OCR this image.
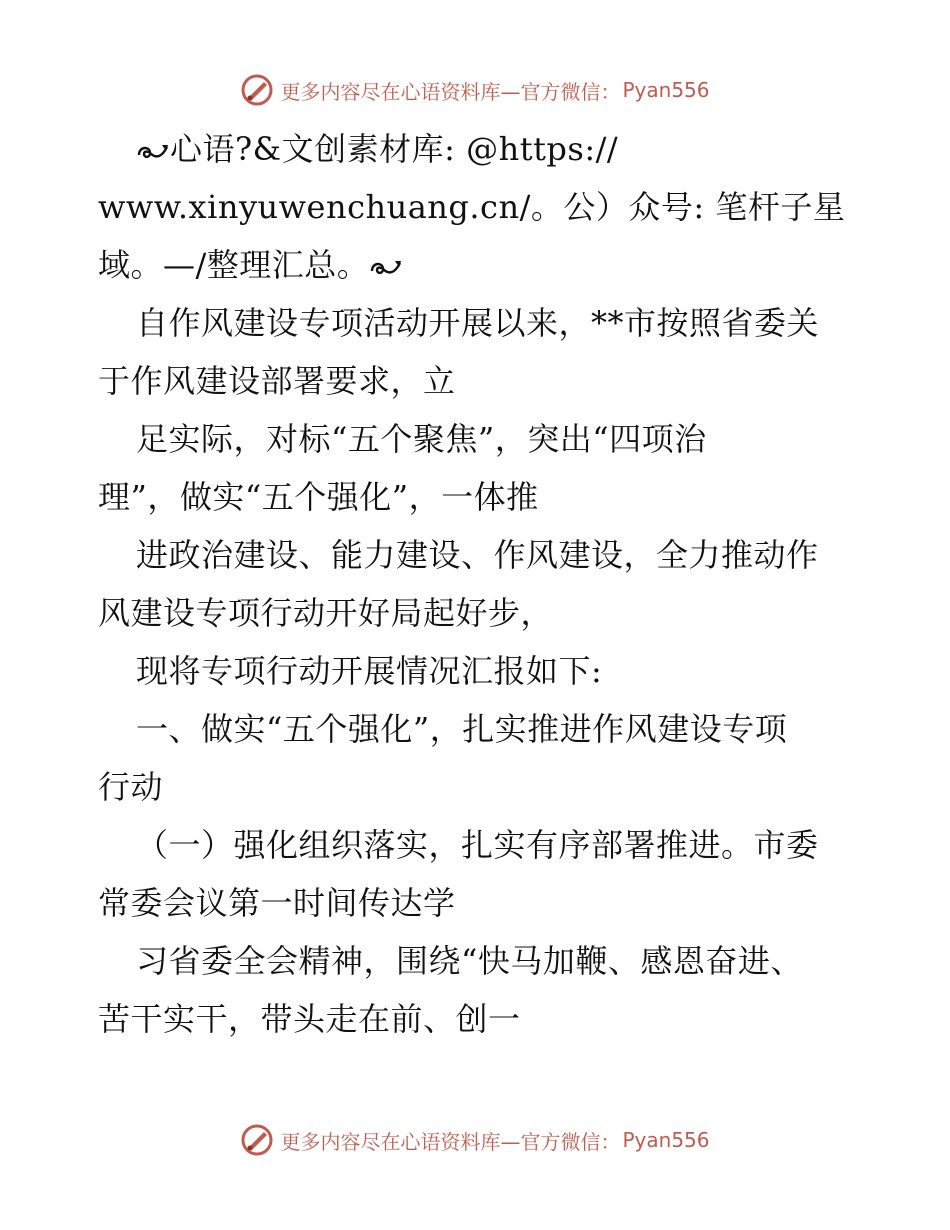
更多内容尽在心语资料库—官方微信： Pyan556
心语?&文创素材库: @https://
www.xinyuwenchuang.cn/。公）众号: 笔杆子星
域。—/整理汇总。
自作风建设专项活动开展以来，**市按照省委关
于作风建设部署要求，立
足实际，对标“五个聚焦”，突出“四项治
理”，做实“五个强化”，一体推
进政治建设、能力建设、作风建设，全力推动作
风建设专项行动开好局起好步，
现将专项行动开展情况汇报如下:
一、做实“五个强化”，扎实推进作风建设专项
行动
（一）强化组织落实，扎实有序部署推进。市委
常委会议第一时间传达学
习省委全会精神，围绕“快马加鞭、感恩奋进、
苦干实干，带头走在前、创一
更多内容尽在心语资料库—官方微信： Pyan556
